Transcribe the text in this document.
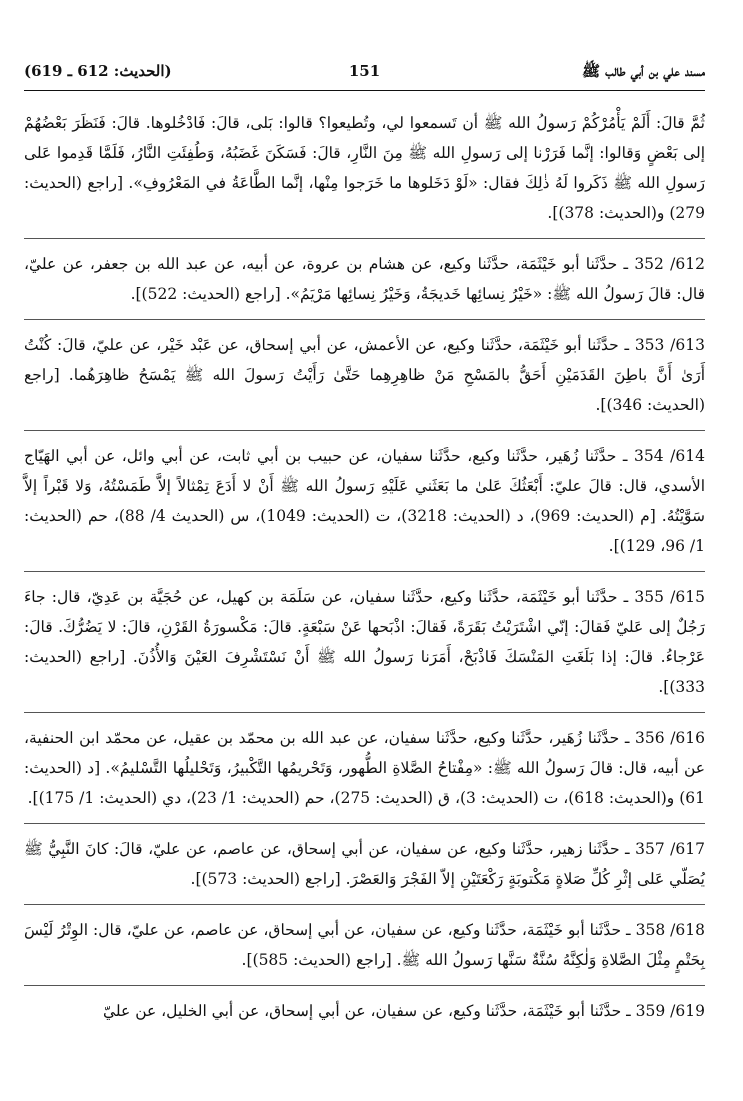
مسند علي بن أبي طالب ﷺ
151
(الحديث: 612 ـ 619)

ثُمَّ قالَ: أَلَمْ يَأْمُرْكُمْ رَسولُ الله ﷺ أن تَسمعوا لي، وتُطيعوا؟ قالوا: بَلى، قالَ: فَادْخُلوها. قالَ: فَنَظَرَ بَعْضُهُمْ إلى بَعْضٍ وَقالوا: إنَّما فَرَرْنا إلى رَسولِ الله ﷺ مِنَ النَّارِ، قالَ: فَسَكَنَ غَضَبُهُ، وَطُفِئَتِ النَّارُ، فَلَمَّا قَدِموا عَلى رَسولِ الله ﷺ ذَكَروا لَهُ ذٰلِكَ فقال: «لَوْ دَخَلوها ما خَرَجوا مِنْها، إنَّما الطَّاعَةُ في المَعْرُوفِ». [راجع (الحديث: 279) و(الحديث: 378)].

612/ 352 ـ حدَّثَنا أبو خَيْثَمَة، حدَّثَنا وكيع، عن هشام بن عروة، عن أبيه، عن عبد الله بن جعفر، عن عليّ، قال: قالَ رَسولُ الله ﷺ: «خَيْرُ نِسائِها خَديجَةُ، وَخَيْرُ نِسائِها مَرْيَمُ». [راجع (الحديث: 522)].

613/ 353 ـ حدَّثَنا أبو خَيْثَمَة، حدَّثَنا وكيع، عن الأعمش، عن أبي إسحاق، عن عَبْد خَيْر، عن عليّ، قالَ: كُنْتُ أَرَىٰ أَنَّ باطِنَ القَدَمَيْنِ أَحَقُّ بالمَسْحِ مَنْ ظاهِرِهِما حَتَّىٰ رَأَيْتُ رَسولَ الله ﷺ يَمْسَحُ ظاهِرَهُما. [راجع (الحديث: 346)].

614/ 354 ـ حدَّثَنا زُهَير، حدَّثَنا وكيع، حدَّثَنا سفيان، عن حبيب بن أبي ثابت، عن أبي وائل، عن أبي الهَيّاج الأسدي، قال: قالَ عليّ: أَبْعَثُكَ عَلىٰ ما بَعَثَني عَلَيْهِ رَسولُ الله ﷺ أَنْ لا أَدَعَ تِمْثالاً إلاَّ طَمَسْتُهُ، وَلا قَبْراً إلاَّ سَوَّيْتُهُ. [م (الحديث: 969)، د (الحديث: 3218)، ت (الحديث: 1049)، س (الحديث 4/ 88)، حم (الحديث: 1/ 96، 129)].

615/ 355 ـ حدَّثَنا أبو خَيْثَمَة، حدَّثَنا وكيع، حدَّثَنا سفيان، عن سَلَمَة بن كهيل، عن حُجَيَّة بن عَدِيّ، قال: جاءَ رَجُلٌ إلى عَليّ فَقالَ: إنّي اشْتَرَيْتُ بَقَرَةً، فَقالَ: اذْبَحها عَنْ سَبْعَةٍ. قالَ: مَكْسورَةُ القَرْنِ، قالَ: لا يَضُرُّكَ. قالَ: عَرْجاءُ. قالَ: إذا بَلَغَتِ المَنْسَكَ فَاذْبَحْ، أَمَرَنا رَسولُ الله ﷺ أَنْ نَسْتَشْرِفَ العَيْنَ وَالأُذُنَ. [راجع (الحديث: 333)].

616/ 356 ـ حدَّثَنا زُهَير، حدَّثَنا وكيع، حدَّثَنا سفيان، عن عبد الله بن محمّد بن عقيل، عن محمّد ابن الحنفية، عن أبيه، قال: قالَ رَسولُ الله ﷺ: «مِفْتاحُ الصَّلاةِ الطُّهور، وَتَحْريمُها التَّكْبيرُ، وَتَحْليلُها التَّسْليمُ». [د (الحديث: 61) و(الحديث: 618)، ت (الحديث: 3)، ق (الحديث: 275)، حم (الحديث: 1/ 23)، دي (الحديث: 1/ 175)].

617/ 357 ـ حدَّثَنا زهير، حدَّثَنا وكيع، عن سفيان، عن أبي إسحاق، عن عاصم، عن عليّ، قالَ: كانَ النَّبِيُّ ﷺ يُصَلّي عَلى إثْرِ كُلِّ صَلاةٍ مَكْتوبَةٍ رَكْعَتَيْنِ إلاّ الفَجْرَ وَالعَصْرَ. [راجع (الحديث: 573)].

618/ 358 ـ حدَّثَنا أبو خَيْثَمَة، حدَّثَنا وكيع، عن سفيان، عن أبي إسحاق، عن عاصم، عن عليّ، قال: الوِتْرُ لَيْسَ بِحَتْمٍ مِثْلَ الصَّلاةِ وَلٰكِنَّهُ سُنَّةٌ سَنَّها رَسولُ الله ﷺ. [راجع (الحديث: 585)].

619/ 359 ـ حدَّثَنا أبو خَيْثَمَة، حدَّثَنا وكيع، عن سفيان، عن أبي إسحاق، عن أبي الخليل، عن عليّ
